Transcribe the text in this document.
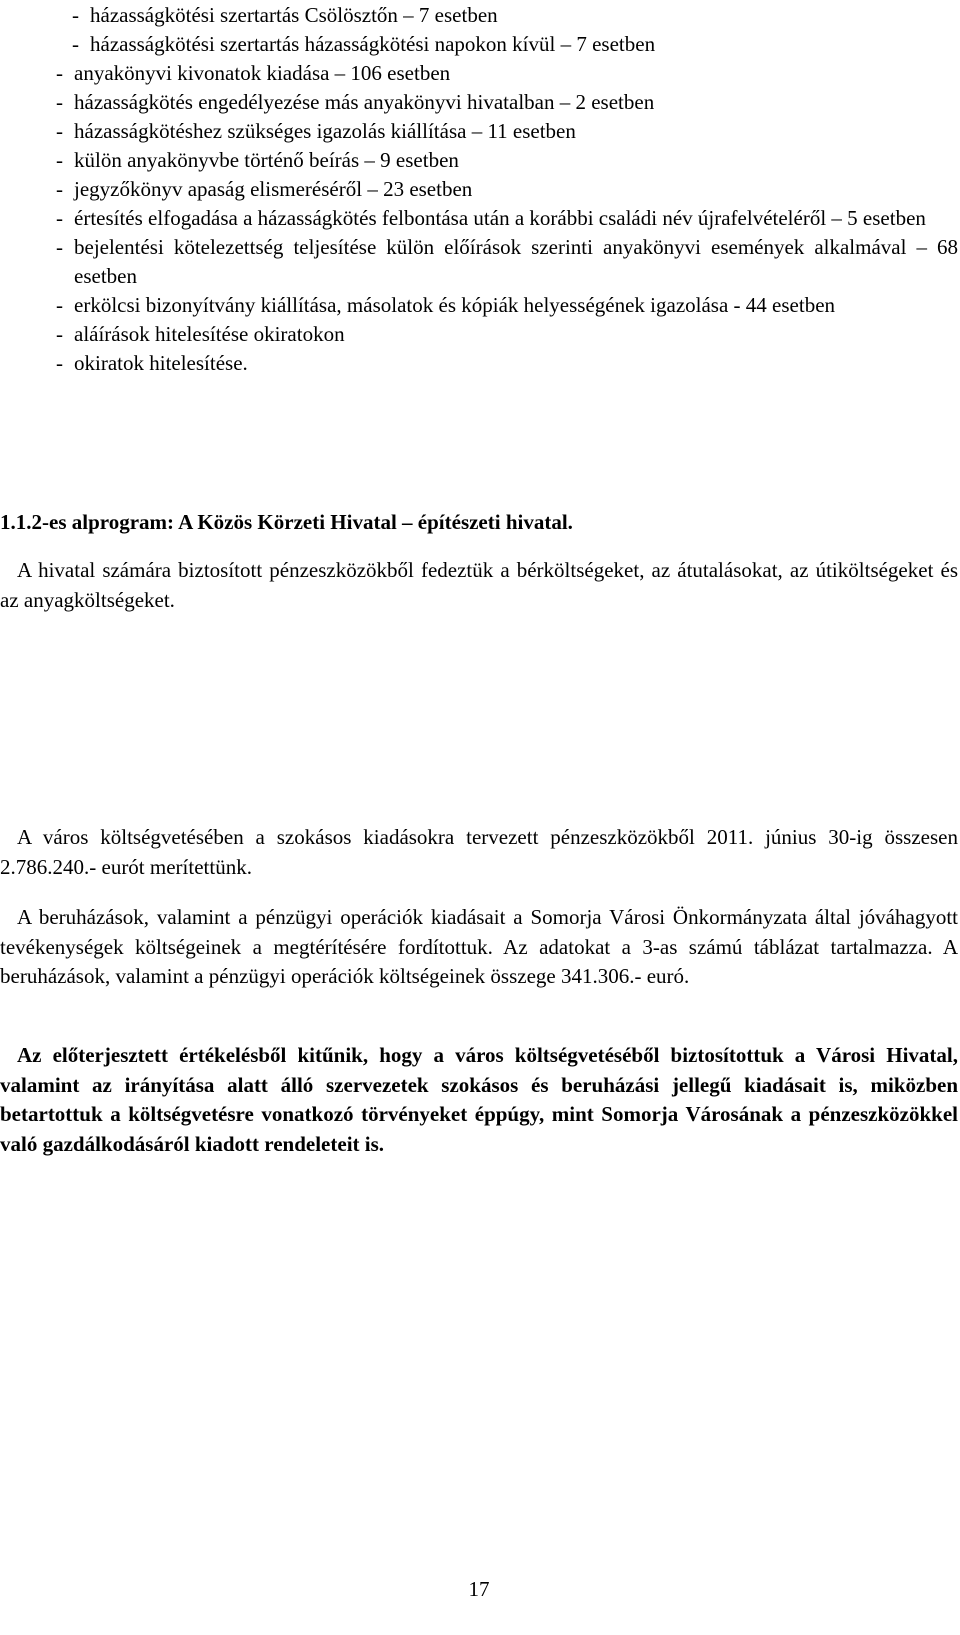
- házasságkötési szertartás Csölösztőn – 7 esetben
- házasságkötési szertartás házasságkötési napokon kívül – 7 esetben
- anyakönyvi kivonatok kiadása – 106 esetben
- házasságkötés engedélyezése más anyakönyvi hivatalban – 2 esetben
- házasságkötéshez szükséges igazolás kiállítása – 11 esetben
- külön anyakönyvbe történő beírás – 9 esetben
- jegyzőkönyv apaság elismeréséről – 23 esetben
- értesítés elfogadása a házasságkötés felbontása után a korábbi családi név újrafelvételéről – 5 esetben
- bejelentési kötelezettség teljesítése külön előírások szerinti anyakönyvi események alkalmával – 68 esetben
- erkölcsi bizonyítvány kiállítása, másolatok és kópiák helyességének igazolása - 44 esetben
- aláírások hitelesítése okiratokon
- okiratok hitelesítése.
1.1.2-es alprogram: A Közös Körzeti Hivatal – építészeti hivatal.

A hivatal számára biztosított pénzeszközökből fedeztük a bérköltségeket, az átutalásokat, az útiköltségeket és az anyagköltségeket.

A város költségvetésében a szokásos kiadásokra tervezett pénzeszközökből 2011. június 30-ig összesen 2.786.240.- eurót merítettünk.

A beruházások, valamint a pénzügyi operációk kiadásait a Somorja Városi Önkormányzata által jóváhagyott tevékenységek költségeinek a megtérítésére fordítottuk. Az adatokat a 3-as számú táblázat tartalmazza. A beruházások, valamint a pénzügyi operációk költségeinek összege 341.306.- euró.

Az előterjesztett értékelésből kitűnik, hogy a város költségvetéséből biztosítottuk a Városi Hivatal, valamint az irányítása alatt álló szervezetek szokásos és beruházási jellegű kiadásait is, miközben betartottuk a költségvetésre vonatkozó törvényeket éppúgy, mint Somorja Városának a pénzeszközökkel való gazdálkodásáról kiadott rendeleteit is.

17
